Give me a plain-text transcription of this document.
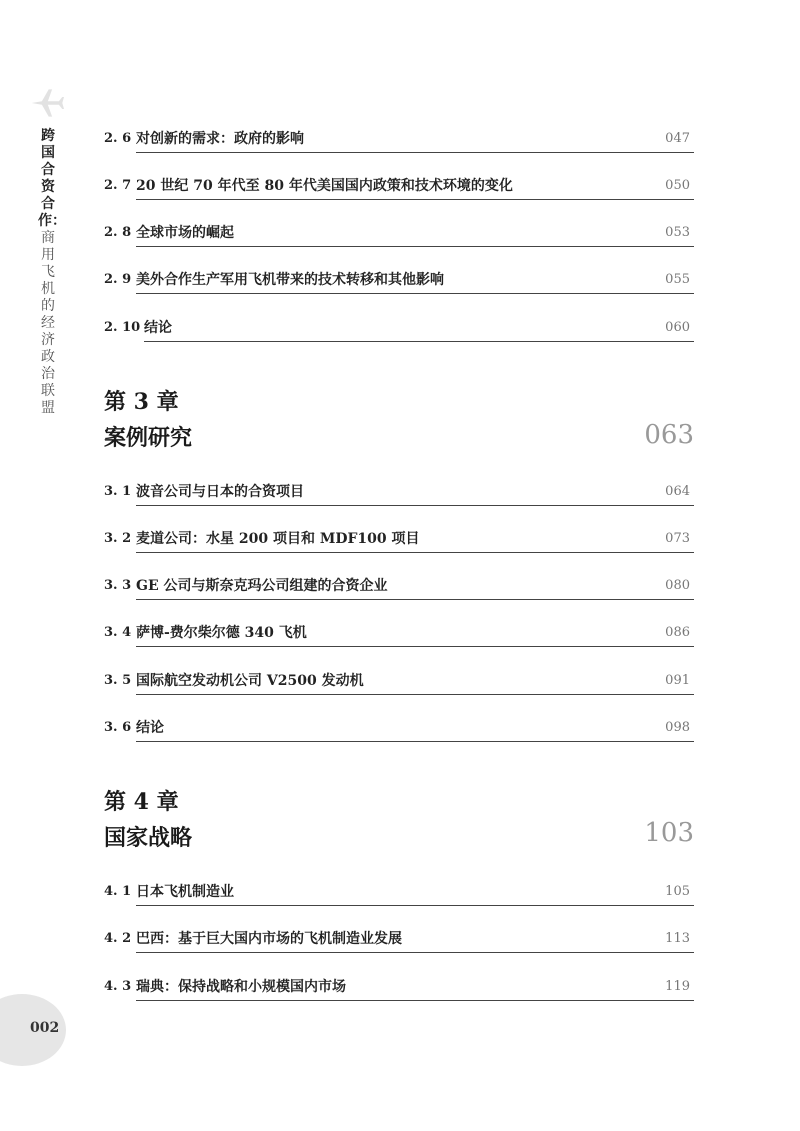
跨国合资合作：
商用飞机的经济政治联盟
2. 6 对创新的需求：政府的影响	047
2. 7 20 世纪 70 年代至 80 年代美国国内政策和技术环境的变化	050
2. 8 全球市场的崛起	053
2. 9 美外合作生产军用飞机带来的技术转移和其他影响	055
2. 10 结论	060
第 3 章
案例研究	063
3. 1 波音公司与日本的合资项目	064
3. 2 麦道公司：水星 200 项目和 MDF100 项目	073
3. 3 GE 公司与斯奈克玛公司组建的合资企业	080
3. 4 萨博-费尔柴尔德 340 飞机	086
3. 5 国际航空发动机公司 V2500 发动机	091
3. 6 结论	098
第 4 章
国家战略	103
4. 1 日本飞机制造业	105
4. 2 巴西：基于巨大国内市场的飞机制造业发展	113
4. 3 瑞典：保持战略和小规模国内市场	119
002
